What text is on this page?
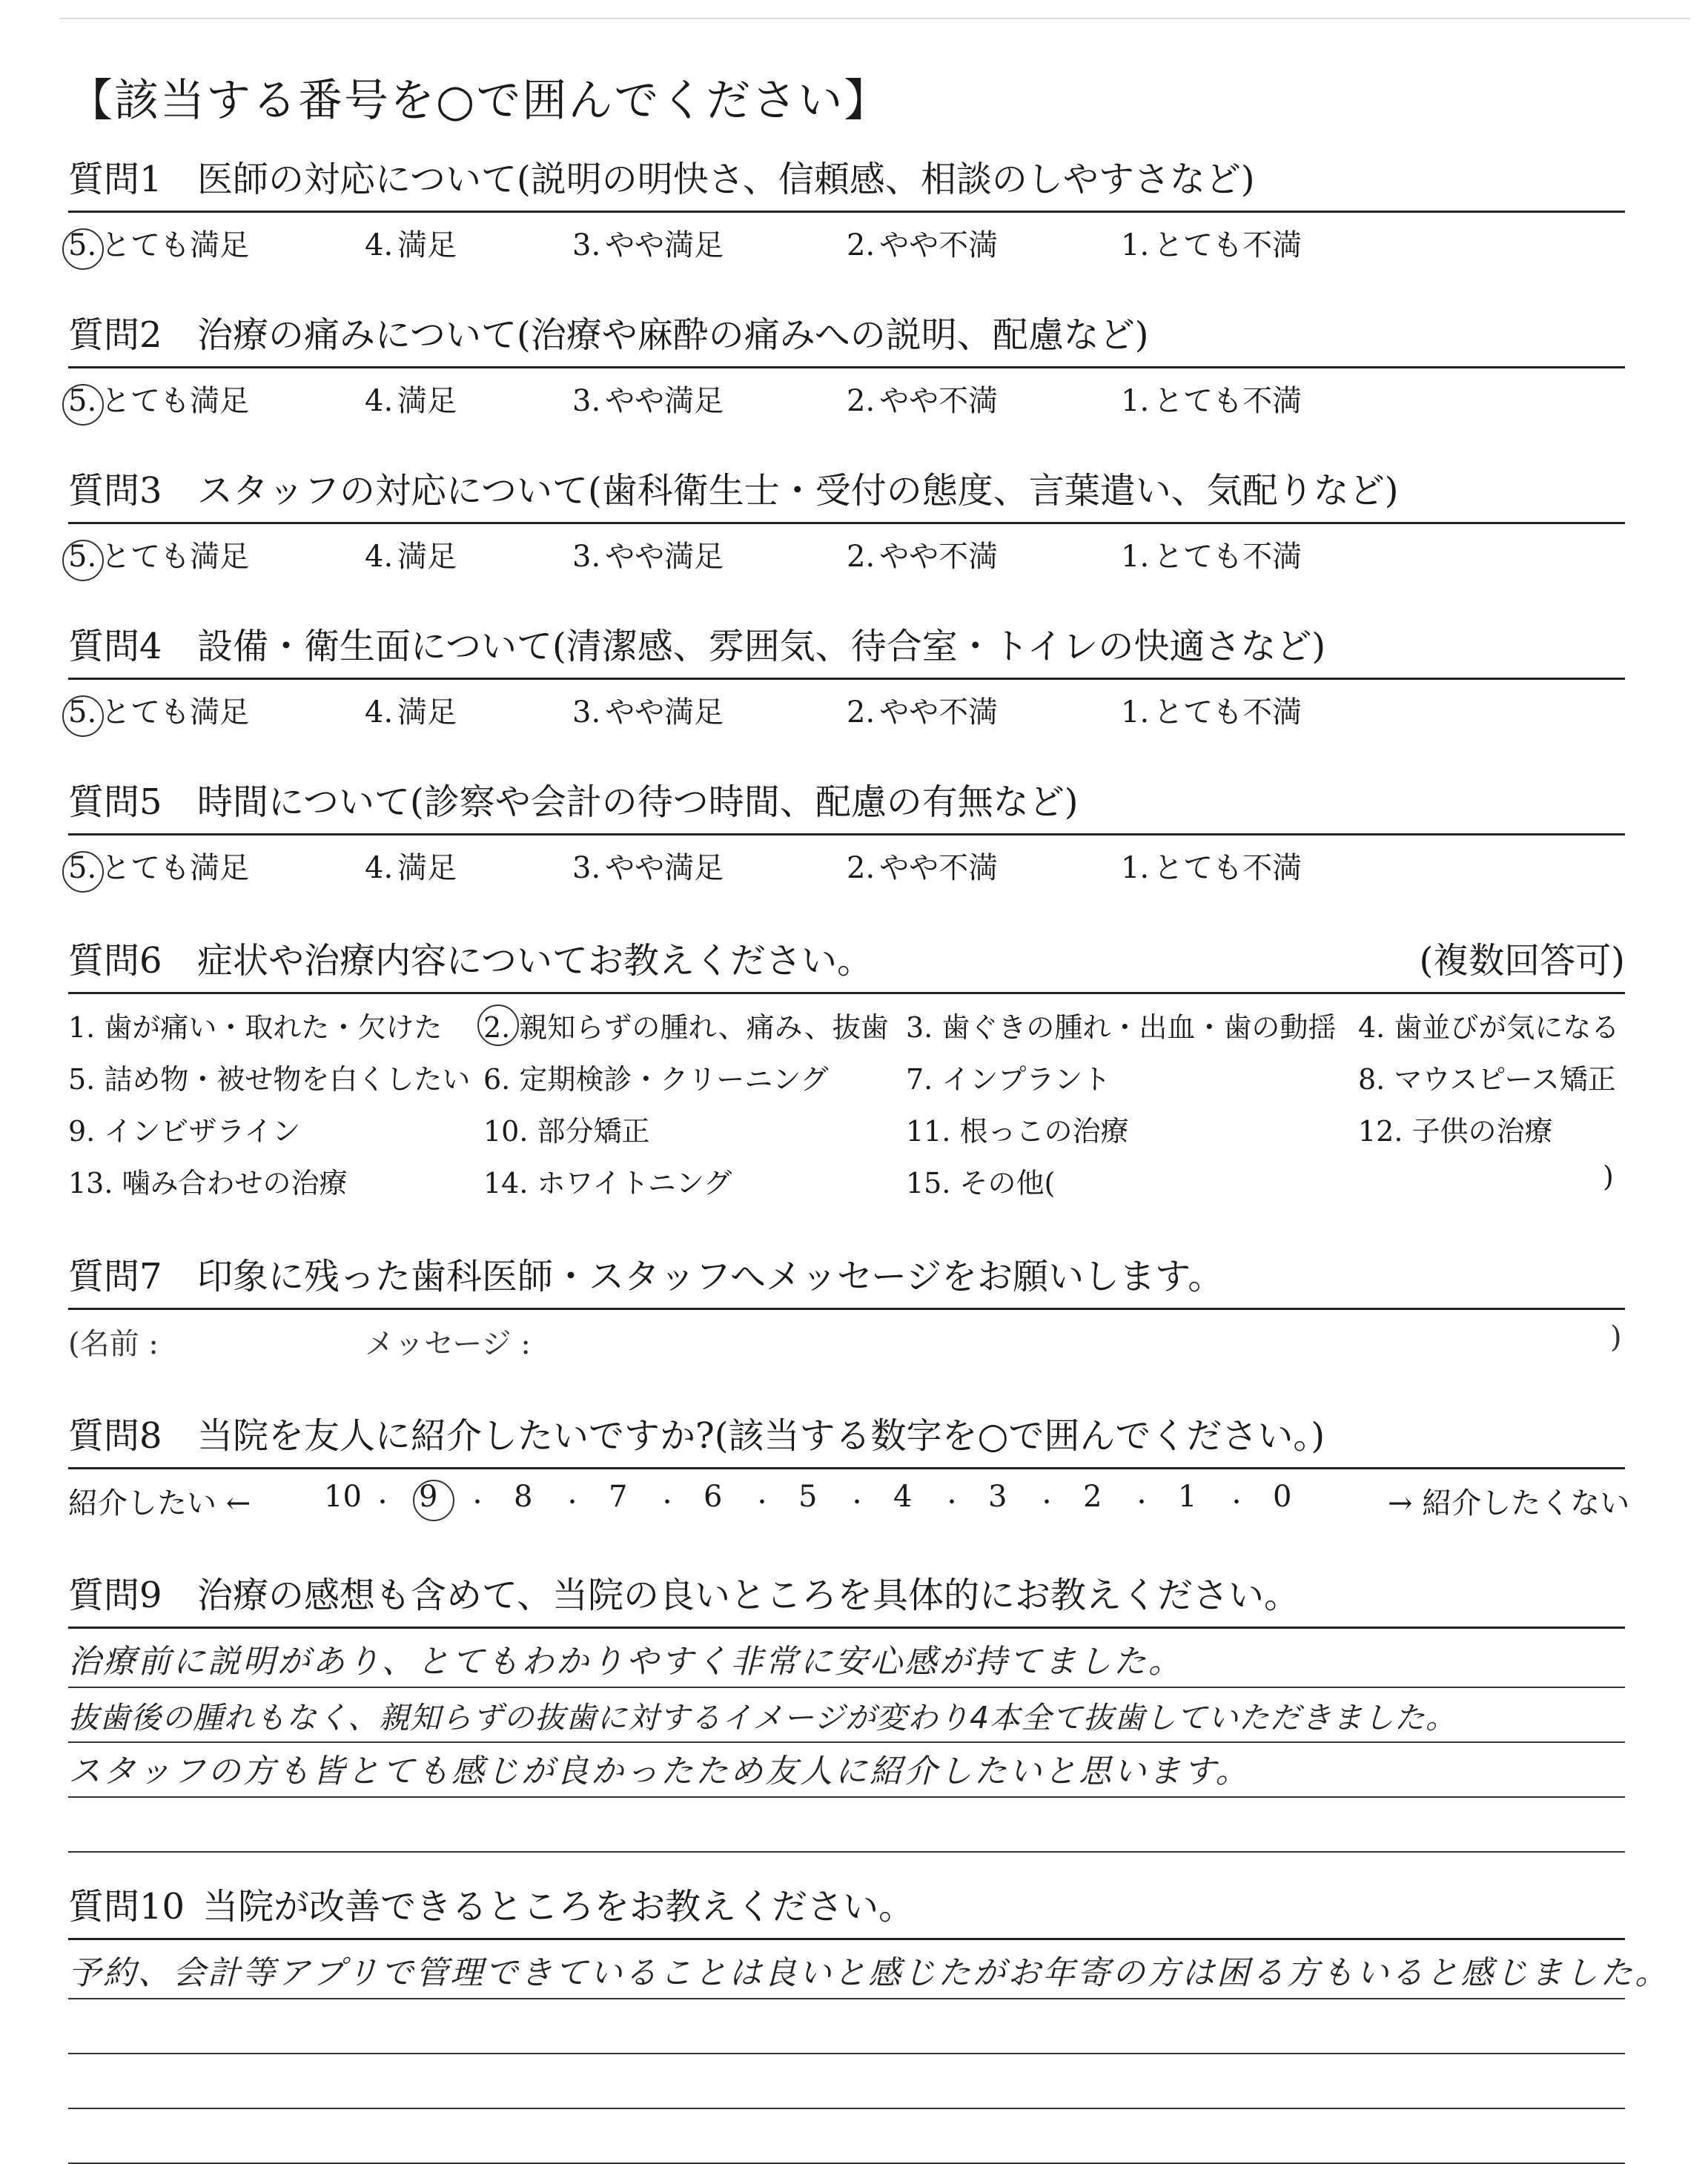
【該当する番号を○で囲んでください】
質問1 医師の対応について(説明の明快さ、信頼感、相談のしやすさなど)
5. とても満足	4. 満足	3. やや満足	2. やや不満	1. とても不満
質問2 治療の痛みについて(治療や麻酔の痛みへの説明、配慮など)
5. とても満足	4. 満足	3. やや満足	2. やや不満	1. とても不満
質問3 スタッフの対応について(歯科衛生士・受付の態度、言葉遣い、気配りなど)
5. とても満足	4. 満足	3. やや満足	2. やや不満	1. とても不満
質問4 設備・衛生面について(清潔感、雰囲気、待合室・トイレの快適さなど)
5. とても満足	4. 満足	3. やや満足	2. やや不満	1. とても不満
質問5 時間について(診察や会計の待つ時間、配慮の有無など)
5. とても満足	4. 満足	3. やや満足	2. やや不満	1. とても不満
質問6 症状や治療内容についてお教えください。	(複数回答可)
1. 歯が痛い・取れた・欠けた 2. 親知らずの腫れ、痛み、抜歯 3. 歯ぐきの腫れ・出血・歯の動揺 4. 歯並びが気になる
5. 詰め物・被せ物を白くしたい 6. 定期検診・クリーニング	7. インプラント	8. マウスピース矯正
9. インビザライン	10. 部分矯正	11. 根っこの治療	12. 子供の治療
13. 噛み合わせの治療	14. ホワイトニング	15. その他(	)
質問7 印象に残った歯科医師・スタッフへメッセージをお願いします。
(名前 :	メッセージ :	)
質問8 当院を友人に紹介したいですか?(該当する数字を○で囲んでください。)
紹介したい ←	→ 紹介したくない
10 ・ 9 ・ 8 ・ 7 ・ 6 ・ 5 ・ 4 ・ 3 ・ 2 ・ 1 ・ 0
質問9 治療の感想も含めて、当院の良いところを具体的にお教えください。
治療前に説明があり、とてもわかりやすく非常に安心感が持てました。
抜歯後の腫れもなく、親知らずの抜歯に対するイメージが変わり4本全て抜歯していただきました。
スタッフの方も皆とても感じが良かったため友人に紹介したいと思います。
質問10 当院が改善できるところをお教えください。
予約、会計等アプリで管理できていることは良いと感じたがお年寄の方は困る方もいると感じました。
